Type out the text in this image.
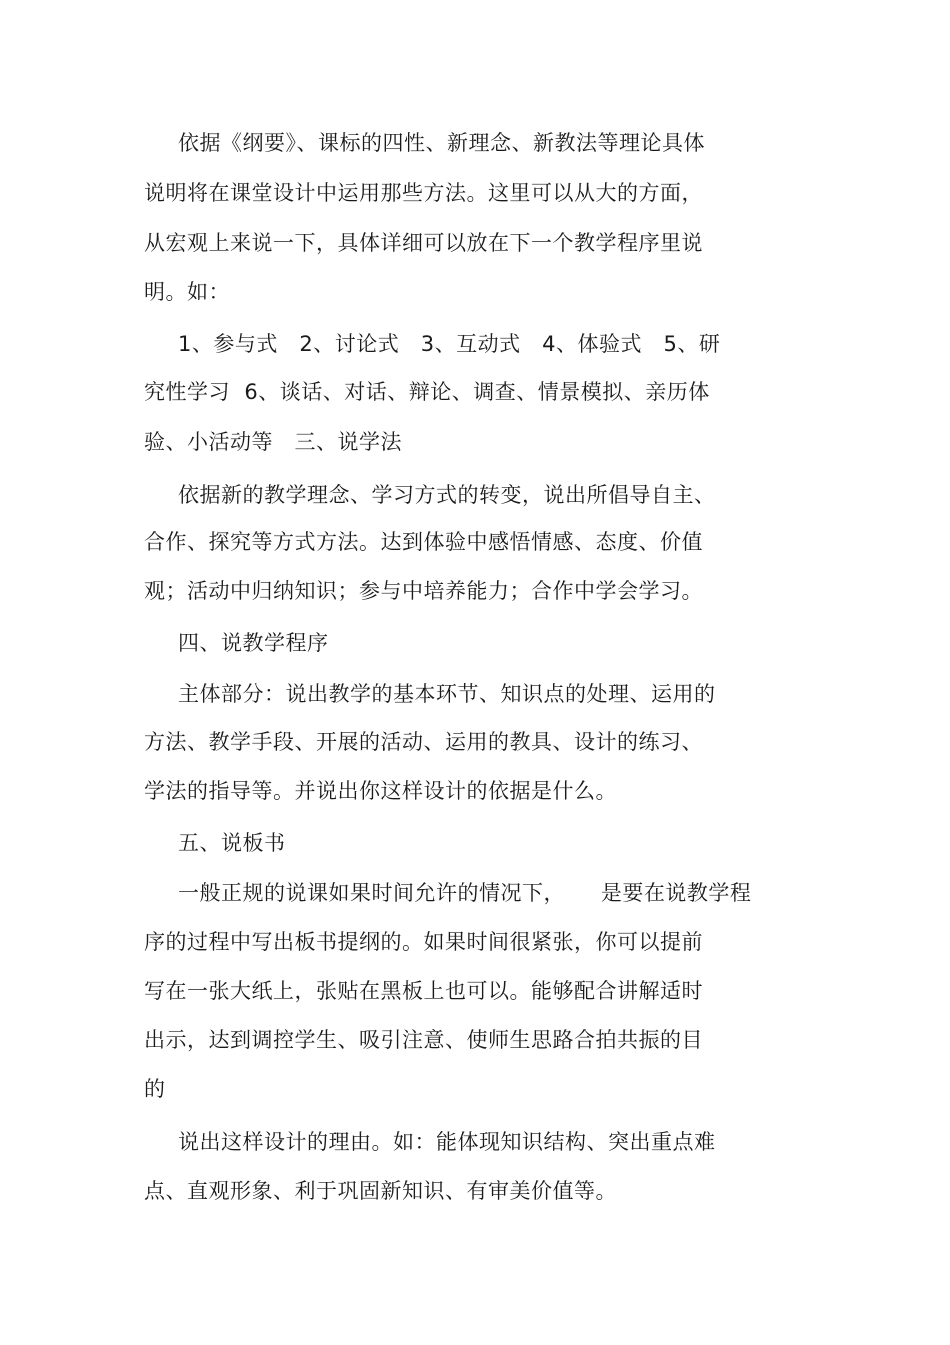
依据《纲要》、课标的四性、新理念、新教法等理论具体
说明将在课堂设计中运用那些方法。这里可以从大的方面，
从宏观上来说一下，具体详细可以放在下一个教学程序里说
明。如：
1、参与式   2、讨论式   3、互动式   4、体验式   5、研
究性学习  6、谈话、对话、辩论、调查、情景模拟、亲历体
验、小活动等   三、说学法
依据新的教学理念、学习方式的转变，说出所倡导自主、
合作、探究等方式方法。达到体验中感悟情感、态度、价值
观；活动中归纳知识；参与中培养能力；合作中学会学习。
四、说教学程序
主体部分：说出教学的基本环节、知识点的处理、运用的
方法、教学手段、开展的活动、运用的教具、设计的练习、
学法的指导等。并说出你这样设计的依据是什么。
五、说板书
一般正规的说课如果时间允许的情况下，     是要在说教学程
序的过程中写出板书提纲的。如果时间很紧张，你可以提前
写在一张大纸上，张贴在黑板上也可以。能够配合讲解适时
出示，达到调控学生、吸引注意、使师生思路合拍共振的目
的
说出这样设计的理由。如：能体现知识结构、突出重点难
点、直观形象、利于巩固新知识、有审美价值等。
